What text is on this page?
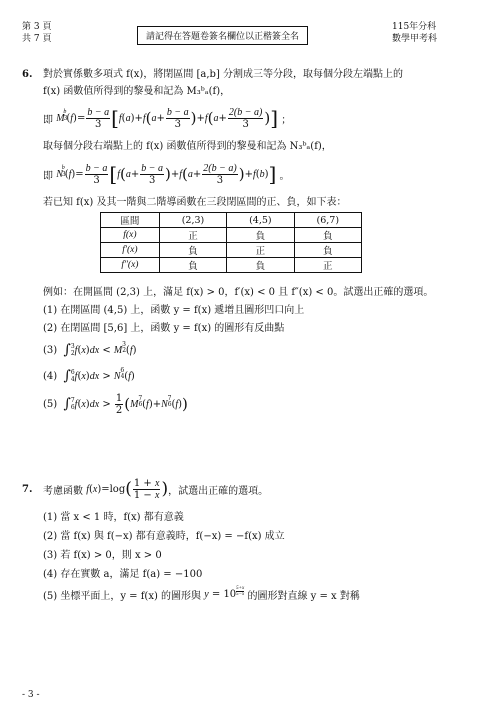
第 3 頁
共 7 頁	請記得在答題卷簽名欄位以正楷簽全名
115年分科
數學甲考科
6. 對於實係數多項式 f(x)，將閉區間 [a,b] 分割成三等分段，取每個分段左端點上的
f(x) 函數值所得到的黎曼和記為 M₃ᵇₐ(f)，
即
M 3
b
( f )= $\frac{b - a}{3}$ [ f ( a )+ f ( $a + \frac{b - a}{3}$ ) + f ( $a + \frac{2(b - a)}{3}$ ) ] ；
取每個分段右端點上的 f(x) 函數值所得到的黎曼和記為 N₃ᵇₐ(f)，
即
N 3
b
( f )= $\frac{b - a}{3}$ [ f ( $a + \frac{b - a}{3}$ ) + f ( $a + \frac{2(b - a)}{3}$ ) + f ( b ) ] 。
若已知 f(x) 及其一階與二階導函數在三段閉區間的正、負，如下表：
區間	(2,3)	(4,5)	(6,7)
f(x)	正	負	負
f′(x)	負	正	負
f″(x)	負	負	正
例如：在開區間 (2,3) 上，滿足 f(x) > 0，f′(x) < 0 且 f″(x) < 0。試選出正確的選項。
(1) 在開區間 (4,5) 上，函數 y = f(x) 遞增且圖形凹口向上
(2) 在閉區間 [5,6] 上，函數 y = f(x) 的圖形有反曲點
(3)
∫ 3
2 f ( x ) dx < M 2
3
( f )
(4)
∫ 6
4 f ( x ) dx > N 4
6
( f )
(5)
∫ 7
6 f ( x ) dx > $\frac{1}{2}$ ( M 6
7
( f )+ N 6
7
( f ) )
7. 考慮函數
f ( x )=log ( $\frac{1 + x}{1 - x}$ ) ，試選出正確的選項。
(1) 當 x < 1 時，f(x) 都有意義
(2) 當 f(x) 與 f(−x) 都有意義時，f(−x) = −f(x) 成立
(3) 若 f(x) > 0，則 x > 0
(4) 存在實數 a，滿足 f(a) = −100
(5) 坐標平面上，y = f(x) 的圖形與
y = 10
5+x
5−x
的圖形對直線 y = x 對稱
- 3 -
